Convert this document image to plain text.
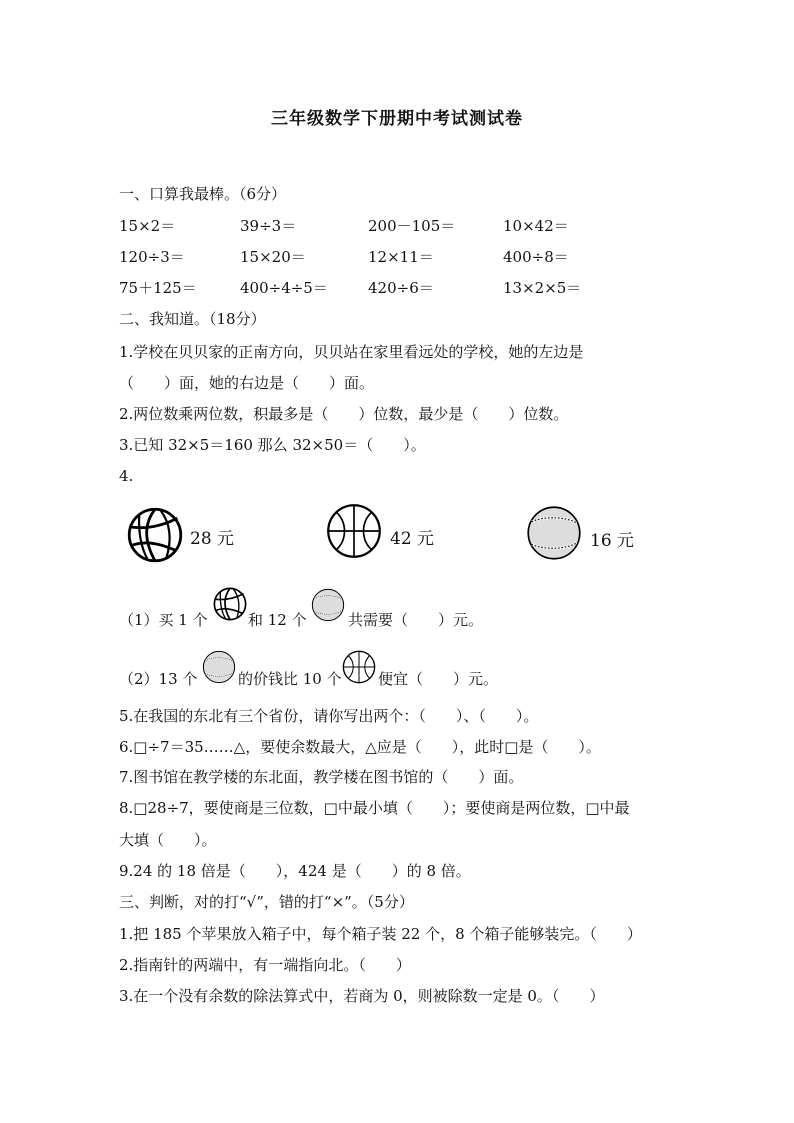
三年级数学下册期中考试测试卷
一、口算我最棒。（6分）
15×2＝	39÷3＝	200－105＝	10×42＝
120÷3＝	15×20＝	12×11＝	400÷8＝
75＋125＝	400÷4÷5＝	420÷6＝	13×2×5＝
二、我知道。（18分）
1.学校在贝贝家的正南方向，贝贝站在家里看远处的学校，她的左边是
（　　）面，她的右边是（　　）面。
2.两位数乘两位数，积最多是（　　）位数，最少是（　　）位数。
3.已知 32×5＝160 那么 32×50＝（　　）。
4.
28 元	42 元	16 元
（1）买 1 个	和 12 个	共需要（　　）元。
（2）13 个	的价钱比 10 个 便宜（　　）元。
5.在我国的东北有三个省份，请你写出两个：（　　）、（　　）。
6.□÷7＝35……△，要使余数最大，△应是（　　），此时□是（　　）。
7.图书馆在教学楼的东北面，教学楼在图书馆的（　　）面。
8.□28÷7，要使商是三位数，□中最小填（　　）；要使商是两位数，□中最
大填（　　）。
9.24 的 18 倍是（　　），424 是（　　）的 8 倍。
三、判断，对的打“√”，错的打“×”。（5分）
1.把 185 个苹果放入箱子中，每个箱子装 22 个，8 个箱子能够装完。（　　）
2.指南针的两端中，有一端指向北。（　　）
3.在一个没有余数的除法算式中，若商为 0，则被除数一定是 0。（　　）
